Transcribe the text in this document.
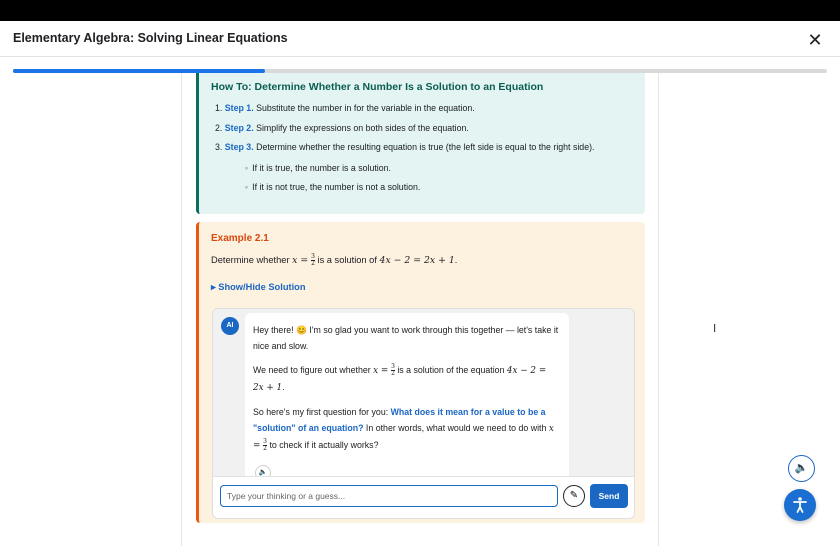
Elementary Algebra: Solving Linear Equations	✕
How To: Determine Whether a Number Is a Solution to an Equation
1. Step 1. Substitute the number in for the variable in the equation.
2. Step 2. Simplify the expressions on both sides of the equation.
3. Step 3. Determine whether the resulting equation is true (the left side is equal to the right side).
◦ If it is true, the number is a solution.
◦ If it is not true, the number is not a solution.
Example 2.1
Determine whether $x = \frac{3}{2}$ is a solution of 4x − 2 = 2x + 1.
▸ Show/Hide Solution
AI	Hey there! 😊 I'm so glad you want to work through this together — let's take it nice and slow.

We need to figure out whether $x = \frac{3}{2}$ is a solution of the equation 4x − 2 =
2x + 1.

So here's my first question for you: What does it mean for a value to be a "solution" of an equation? In other words, what would we need to do with $x = \frac{3}{2}$ to check if it actually works?

🔈
Type your thinking or a guess...
✎	Send
I
🔈
